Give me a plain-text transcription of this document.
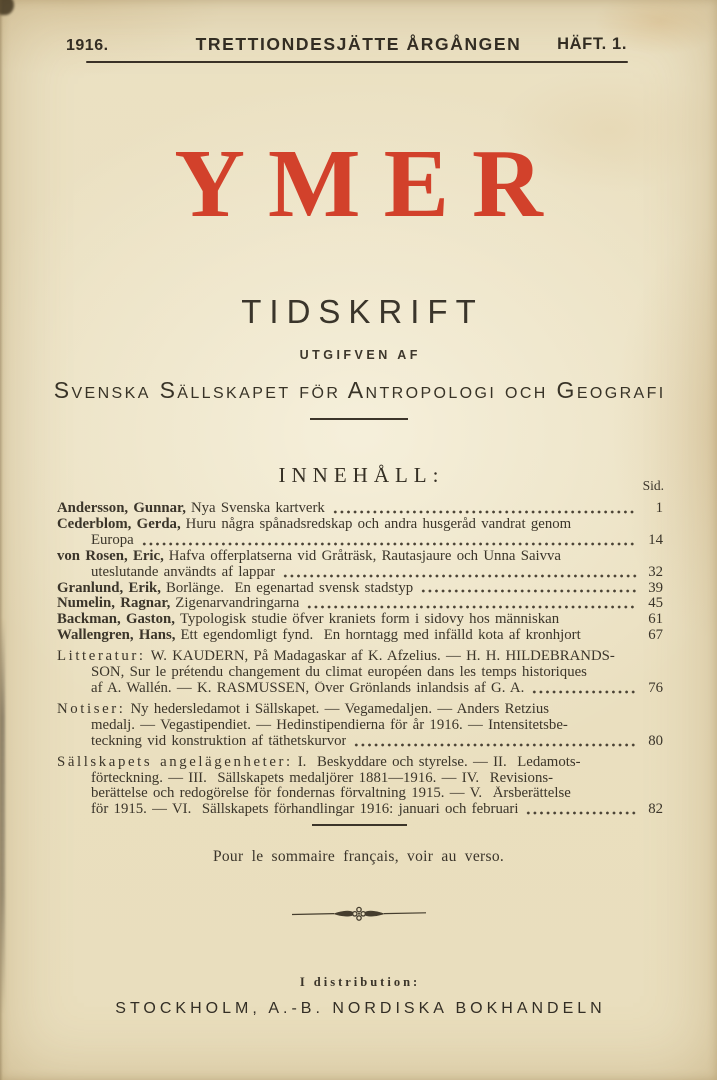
1916.	TRETTIONDESJÄTTE ÅRGÅNGEN	HÄFT. 1.
YMER
TIDSKRIFT
UTGIFVEN AF
Svenska Sällskapet för Antropologi och Geografi
INNEHÅLL:	Sid.
Andersson, Gunnar, Nya Svenska kartverk	1
Cederblom, Gerda, Huru några spånadsredskap och andra husgeråd vandrat genom
Europa	14
von Rosen, Eric, Hafva offerplatserna vid Gråträsk, Rautasjaure och Unna Saivva
uteslutande användts af lappar	32
Granlund, Erik, Borlänge.  En egenartad svensk stadstyp	39
Numelin, Ragnar, Zigenarvandringarna	45
Backman, Gaston, Typologisk studie öfver kraniets form i sidovy hos människan	61
Wallengren, Hans, Ett egendomligt fynd.  En horntagg med infälld kota af kronhjort	67
Litteratur: W. KAUDERN, På Madagaskar af K. Afzelius. — H. H. HILDEBRANDS-
SON, Sur le prétendu changement du climat européen dans les temps historiques
af A. Wallén. — K. RASMUSSEN, Över Grönlands inlandsis af G. A.	76
Notiser: Ny hedersledamot i Sällskapet. — Vegamedaljen. — Anders Retzius
medalj. — Vegastipendiet. — Hedinstipendierna för år 1916. — Intensitetsbe-
teckning vid konstruktion af täthetskurvor	80
Sällskapets angelägenheter: I.  Beskyddare och styrelse. — II.  Ledamots-
förteckning. — III.  Sällskapets medaljörer 1881—1916. — IV.  Revisions-
berättelse och redogörelse för fondernas förvaltning 1915. — V.  Årsberättelse
för 1915. — VI.  Sällskapets förhandlingar 1916: januari och februari	82
Pour le sommaire français, voir au verso.
I distribution:
STOCKHOLM, A.-B. NORDISKA BOKHANDELN
